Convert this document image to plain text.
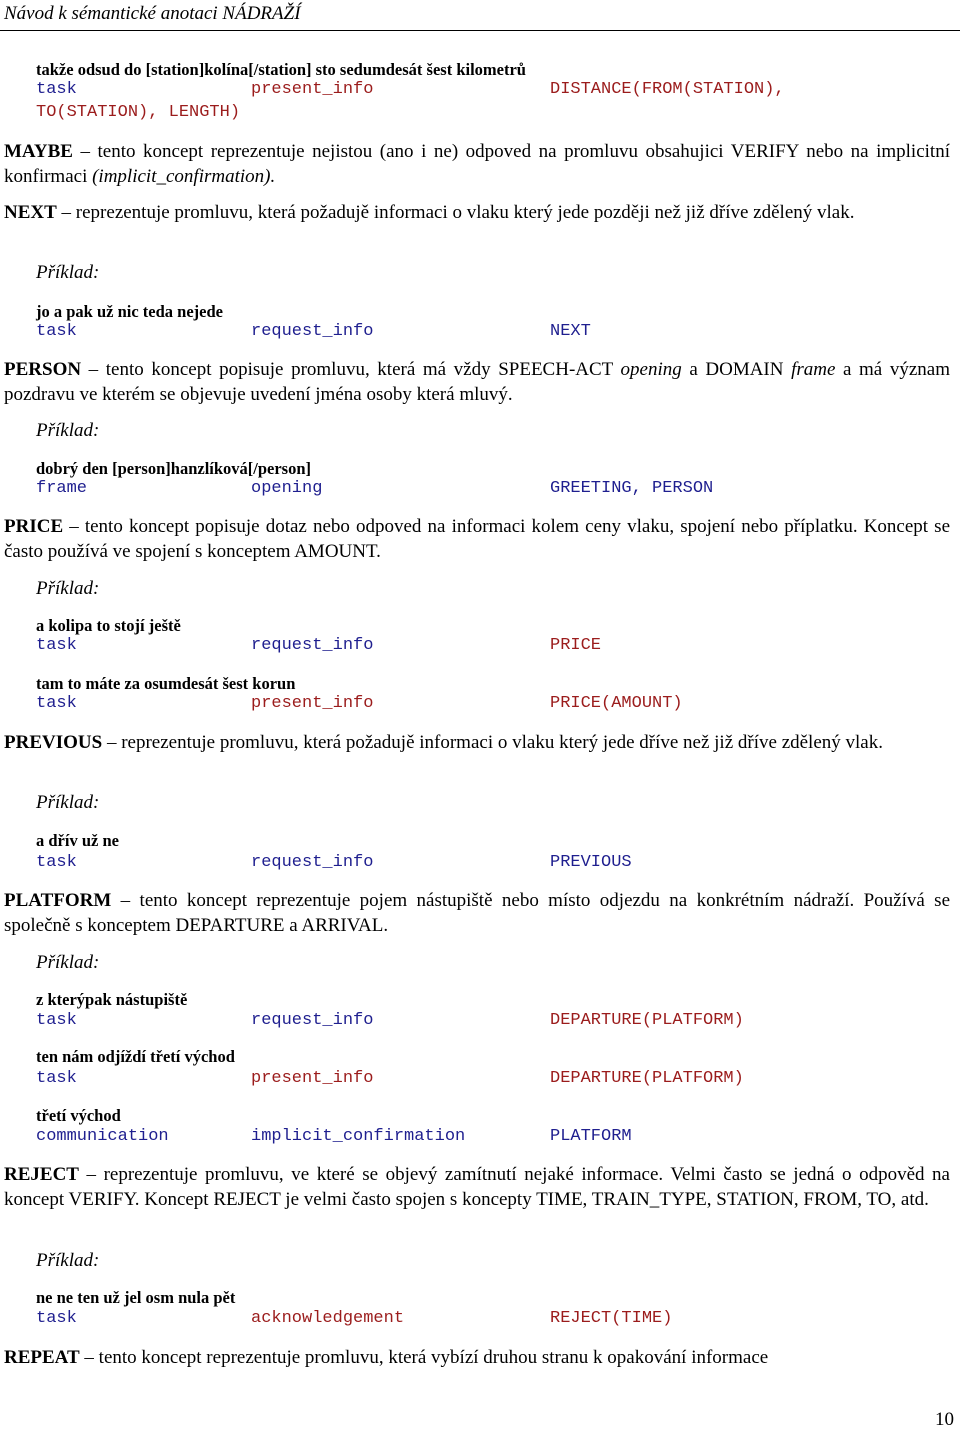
Návod k sémantické anotaci NÁDRAŽÍ
takže odsud do [station]kolína[/station] sto sedumdesát šest kilometrů
task	present_info	DISTANCE(FROM(STATION),
TO(STATION), LENGTH)
MAYBE – tento koncept reprezentuje nejistou (ano i ne) odpoved na promluvu obsahujici VERIFY nebo na implicitní konfirmaci (implicit_confirmation).
NEXT – reprezentuje promluvu, která požadujě informaci o vlaku který jede později než již dříve zdělený vlak.
Příklad:
jo a pak už nic teda nejede
task	request_info	NEXT
PERSON – tento koncept popisuje promluvu, která má vždy SPEECH-ACT opening a DOMAIN frame a má význam pozdravu ve kterém se objevuje uvedení jména osoby která mluvý.
Příklad:
dobrý den [person]hanzlíková[/person]
frame	opening	GREETING, PERSON
PRICE – tento koncept popisuje dotaz nebo odpoved na informaci kolem ceny vlaku, spojení nebo příplatku. Koncept se často používá ve spojení s konceptem AMOUNT.
Příklad:
a kolipa to stojí ještě
task	request_info	PRICE
tam to máte za osumdesát šest korun
task	present_info	PRICE(AMOUNT)
PREVIOUS – reprezentuje promluvu, která požadujě informaci o vlaku který jede dříve než již dříve zdělený vlak.
Příklad:
a dřív už ne
task	request_info	PREVIOUS
PLATFORM – tento koncept reprezentuje pojem nástupiště nebo místo odjezdu na konkrétním nádraží. Používá se společně s konceptem DEPARTURE a ARRIVAL.
Příklad:
z kterýpak nástupiště
task	request_info	DEPARTURE(PLATFORM)
ten nám odjíždí třetí východ
task	present_info	DEPARTURE(PLATFORM)
třetí východ
communication	implicit_confirmation	PLATFORM
REJECT – reprezentuje promluvu, ve které se objevý zamítnutí nejaké informace. Velmi často se jedná o odpověd na koncept VERIFY. Koncept REJECT je velmi často spojen s koncepty TIME, TRAIN_TYPE, STATION, FROM, TO, atd.
Příklad:
ne ne ten už jel osm nula pět
task	acknowledgement	REJECT(TIME)
REPEAT – tento koncept reprezentuje promluvu, která vybízí druhou stranu k opakování informace
10
